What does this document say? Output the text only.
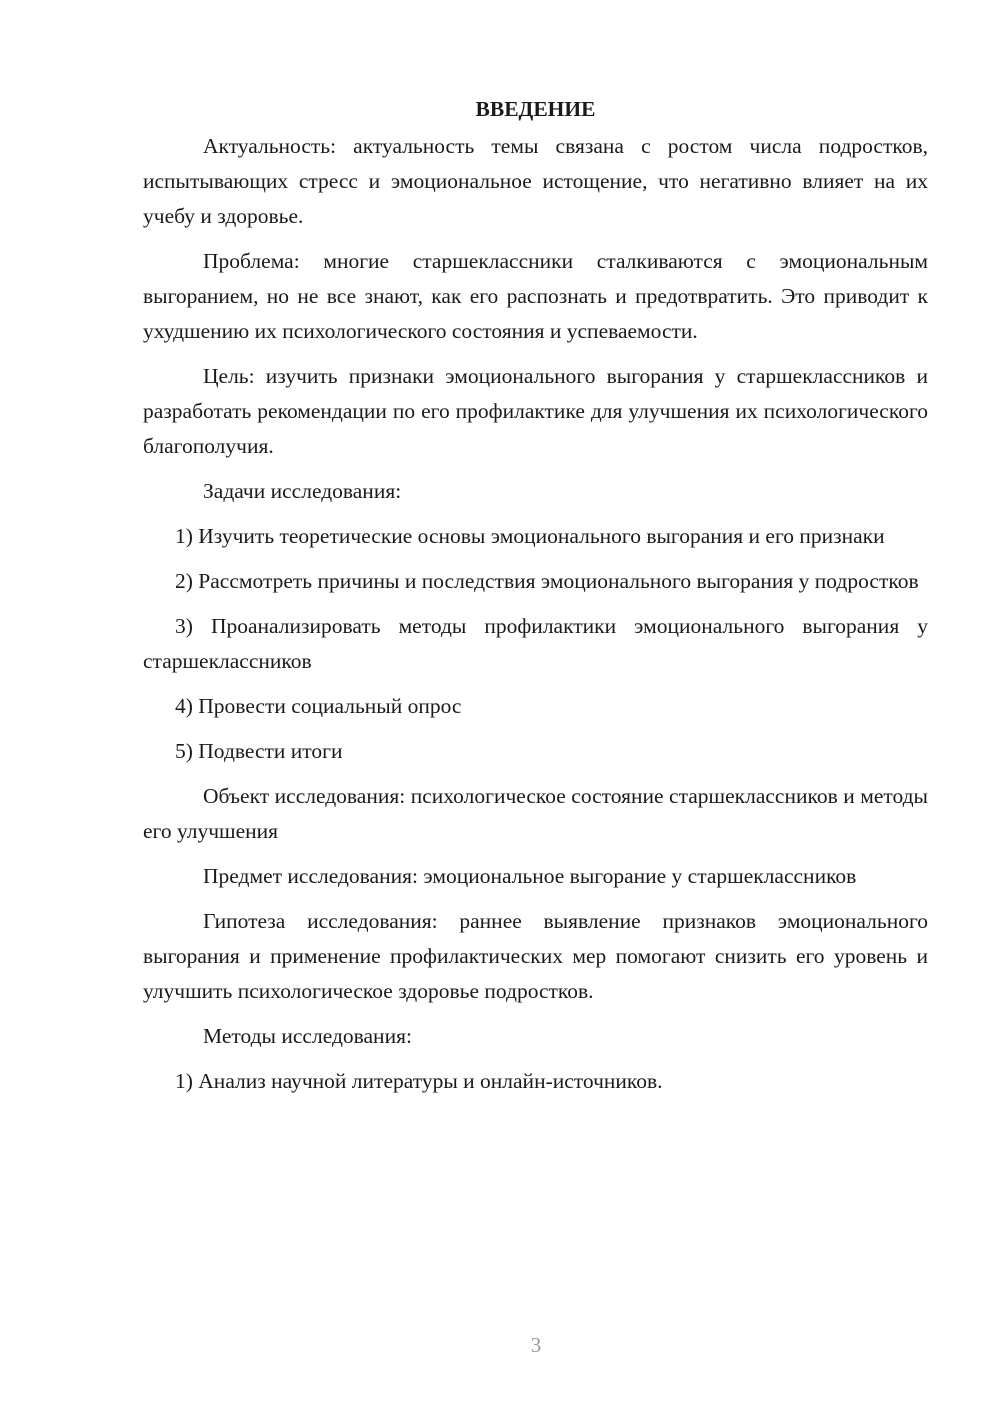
ВВЕДЕНИЕ

Актуальность: актуальность темы связана с ростом числа подростков, испытывающих стресс и эмоциональное истощение, что негативно влияет на их учебу и здоровье.

Проблема: многие старшеклассники сталкиваются с эмоциональным выгоранием, но не все знают, как его распознать и предотвратить. Это приводит к ухудшению их психологического состояния и успеваемости.

Цель: изучить признаки эмоционального выгорания у старшеклассников и разработать рекомендации по его профилактике для улучшения их психологического благополучия.

Задачи исследования:

1) Изучить теоретические основы эмоционального выгорания и его признаки

2) Рассмотреть причины и последствия эмоционального выгорания у подростков

3) Проанализировать методы профилактики эмоционального выгорания у старшеклассников

4) Провести социальный опрос

5) Подвести итоги

Объект исследования: психологическое состояние старшеклассников и методы его улучшения

Предмет исследования: эмоциональное выгорание у старшеклассников

Гипотеза исследования: раннее выявление признаков эмоционального выгорания и применение профилактических мер помогают снизить его уровень и улучшить психологическое здоровье подростков.

Методы исследования:

1) Анализ научной литературы и онлайн-источников.

3
